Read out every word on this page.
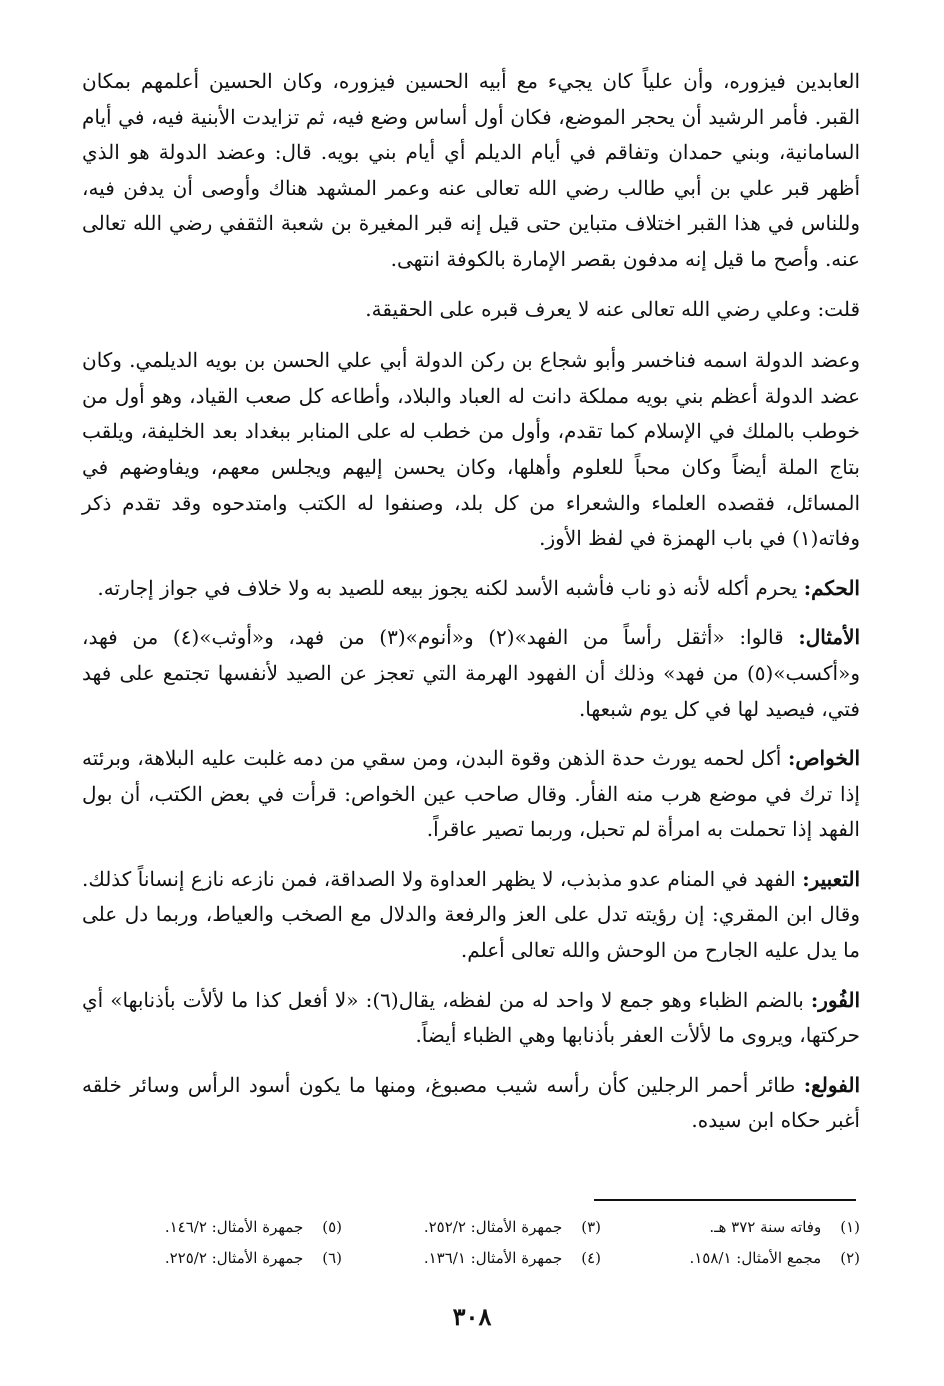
العابدين فيزوره، وأن علياً كان يجيء مع أبيه الحسين فيزوره، وكان الحسين أعلمهم بمكان القبر. فأمر الرشيد أن يحجر الموضع، فكان أول أساس وضع فيه، ثم تزايدت الأبنية فيه، في أيام السامانية، وبني حمدان وتفاقم في أيام الديلم أي أيام بني بويه. قال: وعضد الدولة هو الذي أظهر قبر علي بن أبي طالب رضي الله تعالى عنه وعمر المشهد هناك وأوصى أن يدفن فيه، وللناس في هذا القبر اختلاف متباين حتى قيل إنه قبر المغيرة بن شعبة الثقفي رضي الله تعالى عنه. وأصح ما قيل إنه مدفون بقصر الإمارة بالكوفة انتهى.

قلت: وعلي رضي الله تعالى عنه لا يعرف قبره على الحقيقة.

وعضد الدولة اسمه فناخسر وأبو شجاع بن ركن الدولة أبي علي الحسن بن بويه الديلمي. وكان عضد الدولة أعظم بني بويه مملكة دانت له العباد والبلاد، وأطاعه كل صعب القياد، وهو أول من خوطب بالملك في الإسلام كما تقدم، وأول من خطب له على المنابر ببغداد بعد الخليفة، ويلقب بتاج الملة أيضاً وكان محباً للعلوم وأهلها، وكان يحسن إليهم ويجلس معهم، ويفاوضهم في المسائل، فقصده العلماء والشعراء من كل بلد، وصنفوا له الكتب وامتدحوه وقد تقدم ذكر وفاته(١) في باب الهمزة في لفظ الأوز.

الحكم: يحرم أكله لأنه ذو ناب فأشبه الأسد لكنه يجوز بيعه للصيد به ولا خلاف في جواز إجارته.

الأمثال: قالوا: «أثقل رأساً من الفهد»(٢) و«أنوم»(٣) من فهد، و«أوثب»(٤) من فهد، و«أكسب»(٥) من فهد» وذلك أن الفهود الهرمة التي تعجز عن الصيد لأنفسها تجتمع على فهد فتي، فيصيد لها في كل يوم شبعها.

الخواص: أكل لحمه يورث حدة الذهن وقوة البدن، ومن سقي من دمه غلبت عليه البلاهة، وبرئته إذا ترك في موضع هرب منه الفأر. وقال صاحب عين الخواص: قرأت في بعض الكتب، أن بول الفهد إذا تحملت به امرأة لم تحبل، وربما تصير عاقراً.

التعبير: الفهد في المنام عدو مذبذب، لا يظهر العداوة ولا الصداقة، فمن نازعه نازع إنساناً كذلك. وقال ابن المقري: إن رؤيته تدل على العز والرفعة والدلال مع الصخب والعياط، وربما دل على ما يدل عليه الجارح من الوحش والله تعالى أعلم.

الفُور: بالضم الظباء وهو جمع لا واحد له من لفظه، يقال(٦): «لا أفعل كذا ما لألأت بأذنابها» أي حركتها، ويروى ما لألأت العفر بأذنابها وهي الظباء أيضاً.

الفولع: طائر أحمر الرجلين كأن رأسه شيب مصبوغ، ومنها ما يكون أسود الرأس وسائر خلقه أغبر حكاه ابن سيده.

(١) وفاته سنة ٣٧٢ هـ.
(٣) جمهرة الأمثال: ٢٥٢/٢.
(٥) جمهرة الأمثال: ١٤٦/٢.
(٢) مجمع الأمثال: ١٥٨/١.
(٤) جمهرة الأمثال: ١٣٦/١.
(٦) جمهرة الأمثال: ٢٢٥/٢.
٣٠٨
